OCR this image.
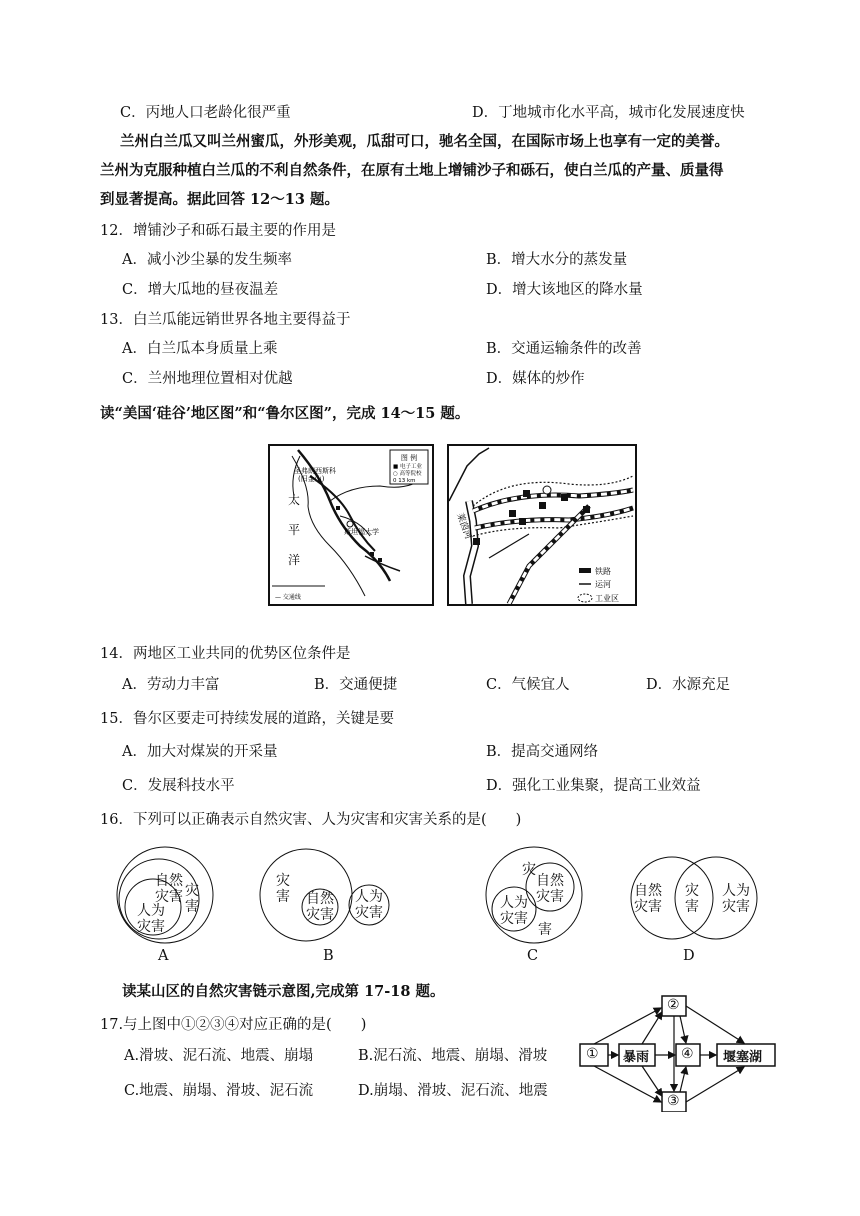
C．丙地人口老龄化很严重	D．丁地城市化水平高，城市化发展速度快
兰州白兰瓜又叫兰州蜜瓜，外形美观，瓜甜可口，驰名全国，在国际市场上也享有一定的美誉。
兰州为克服种植白兰瓜的不利自然条件，在原有土地上增铺沙子和砾石，使白兰瓜的产量、质量得
到显著提高。据此回答 12～13 题。
12．增铺沙子和砾石最主要的作用是
A．减小沙尘暴的发生频率	B．增大水分的蒸发量
C．增大瓜地的昼夜温差	D．增大该地区的降水量
13．白兰瓜能远销世界各地主要得益于
A．白兰瓜本身质量上乘	B．交通运输条件的改善
C．兰州地理位置相对优越	D．媒体的炒作
读“美国‘硅谷’地区图”和“鲁尔区图”，完成 14～15 题。
图 例
■ 电子工业
○ 高等院校
0 13 km
圣弗朗西斯科
(旧金山)
斯坦福大学
太
平
洋
— 交通线
莱茵河
铁路
运河
工业区
14．两地区工业共同的优势区位条件是
A．劳动力丰富	B．交通便捷	C．气候宜人	D．水源充足
15．鲁尔区要走可持续发展的道路，关键是要
A．加大对煤炭的开采量	B．提高交通网络
C．发展科技水平	D．强化工业集聚，提高工业效益
16．下列可以正确表示自然灾害、人为灾害和灾害关系的是(　　)
灾害
自然灾害
人为灾害
A
灾害 自然灾害
人为灾害
B
灾
害
自然灾害
人为灾害
C
自然灾害
灾害
人为灾害
D
读某山区的自然灾害链示意图,完成第 17-18 题。
17.与上图中①②③④对应正确的是(　　)
A.滑坡、泥石流、地震、崩塌	B.泥石流、地震、崩塌、滑坡
C.地震、崩塌、滑坡、泥石流	D.崩塌、滑坡、泥石流、地震
① 暴雨
②
③
④ 堰塞湖
